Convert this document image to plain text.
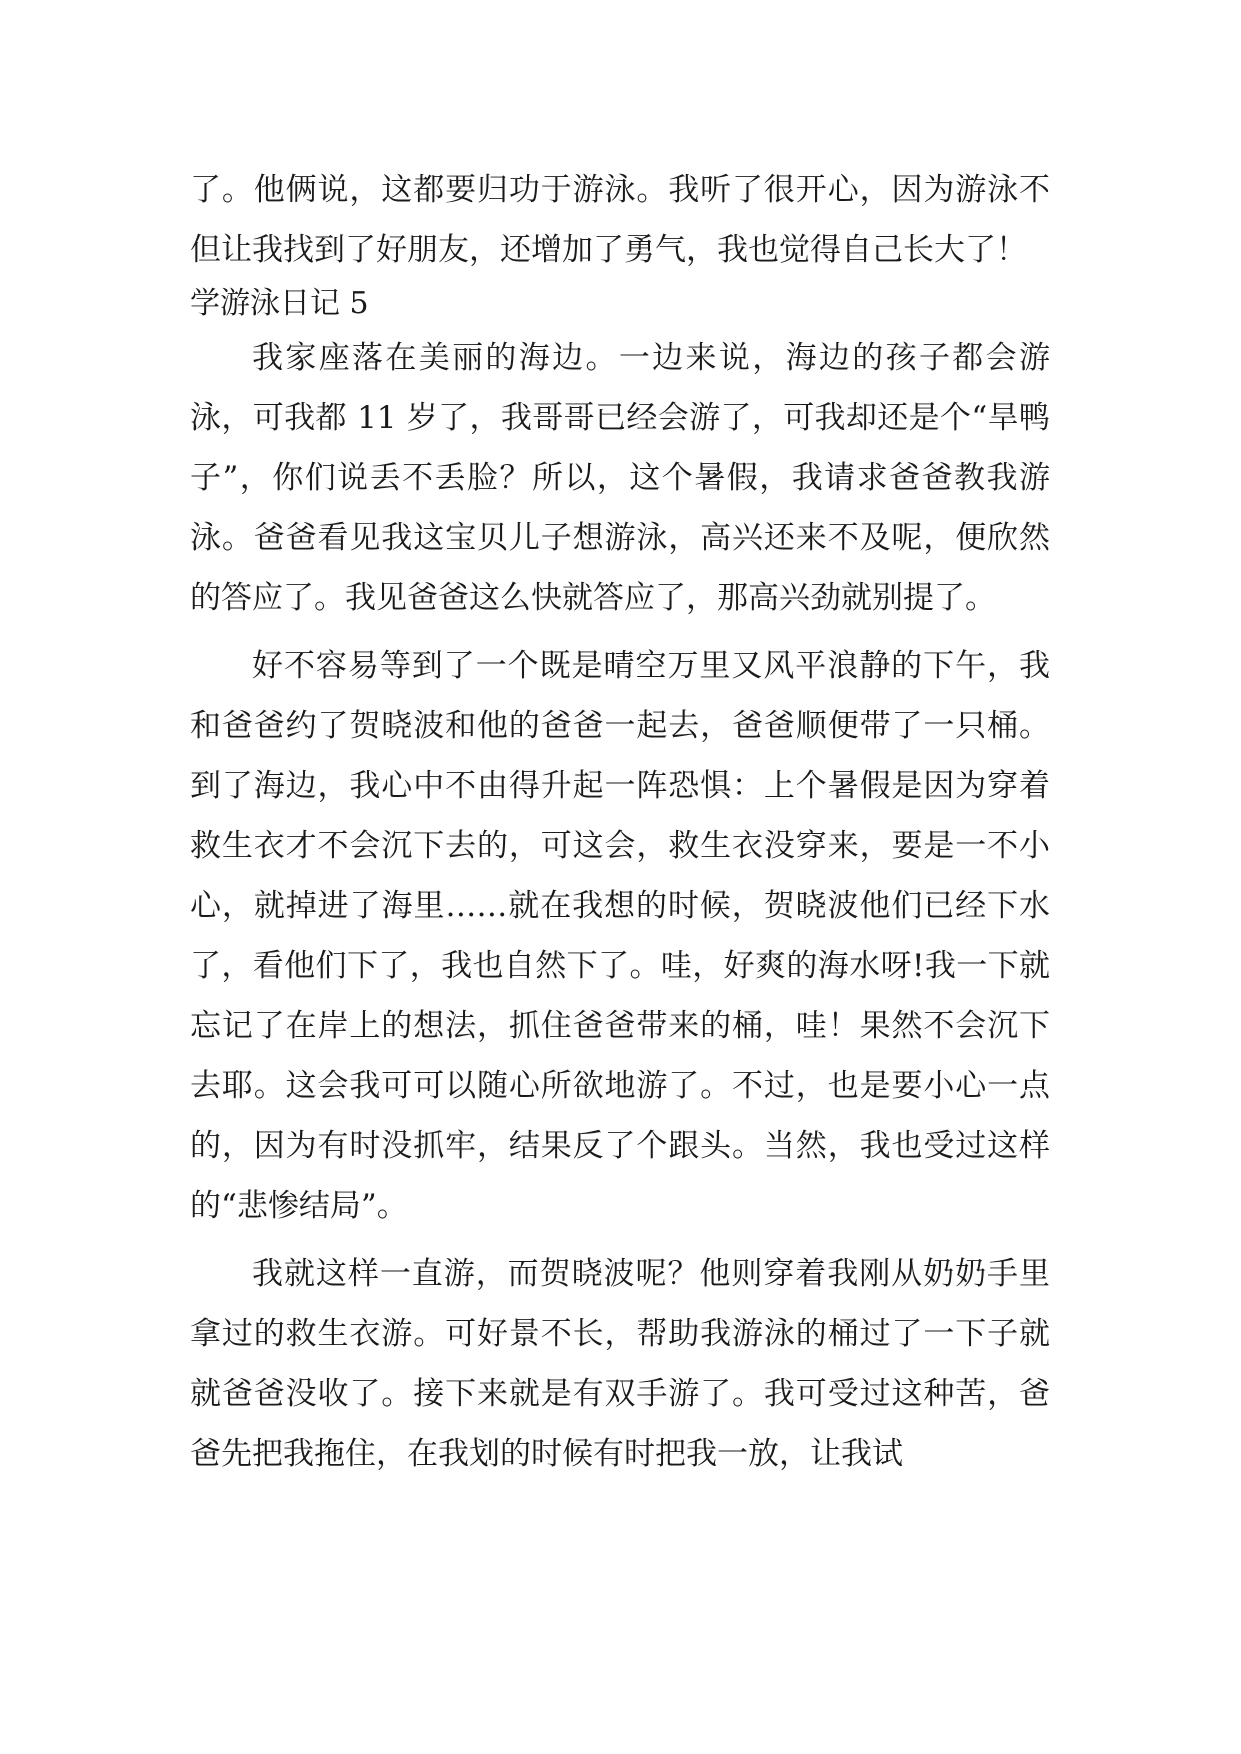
了。他俩说，这都要归功于游泳。我听了很开心，因为游泳不但让我找到了好朋友，还增加了勇气，我也觉得自己长大了！

学游泳日记 5

我家座落在美丽的海边。一边来说，海边的孩子都会游泳，可我都 11 岁了，我哥哥已经会游了，可我却还是个“旱鸭子”，你们说丢不丢脸？所以，这个暑假，我请求爸爸教我游泳。爸爸看见我这宝贝儿子想游泳，高兴还来不及呢，便欣然的答应了。我见爸爸这么快就答应了，那高兴劲就别提了。

好不容易等到了一个既是晴空万里又风平浪静的下午，我和爸爸约了贺晓波和他的爸爸一起去，爸爸顺便带了一只桶。到了海边，我心中不由得升起一阵恐惧：上个暑假是因为穿着救生衣才不会沉下去的，可这会，救生衣没穿来，要是一不小心，就掉进了海里……就在我想的时候，贺晓波他们已经下水了，看他们下了，我也自然下了。哇，好爽的海水呀!我一下就忘记了在岸上的想法，抓住爸爸带来的桶，哇！果然不会沉下去耶。这会我可可以随心所欲地游了。不过，也是要小心一点的，因为有时没抓牢，结果反了个跟头。当然，我也受过这样的“悲惨结局”。

我就这样一直游，而贺晓波呢？他则穿着我刚从奶奶手里拿过的救生衣游。可好景不长，帮助我游泳的桶过了一下子就就爸爸没收了。接下来就是有双手游了。我可受过这种苦，爸爸先把我拖住，在我划的时候有时把我一放，让我试
